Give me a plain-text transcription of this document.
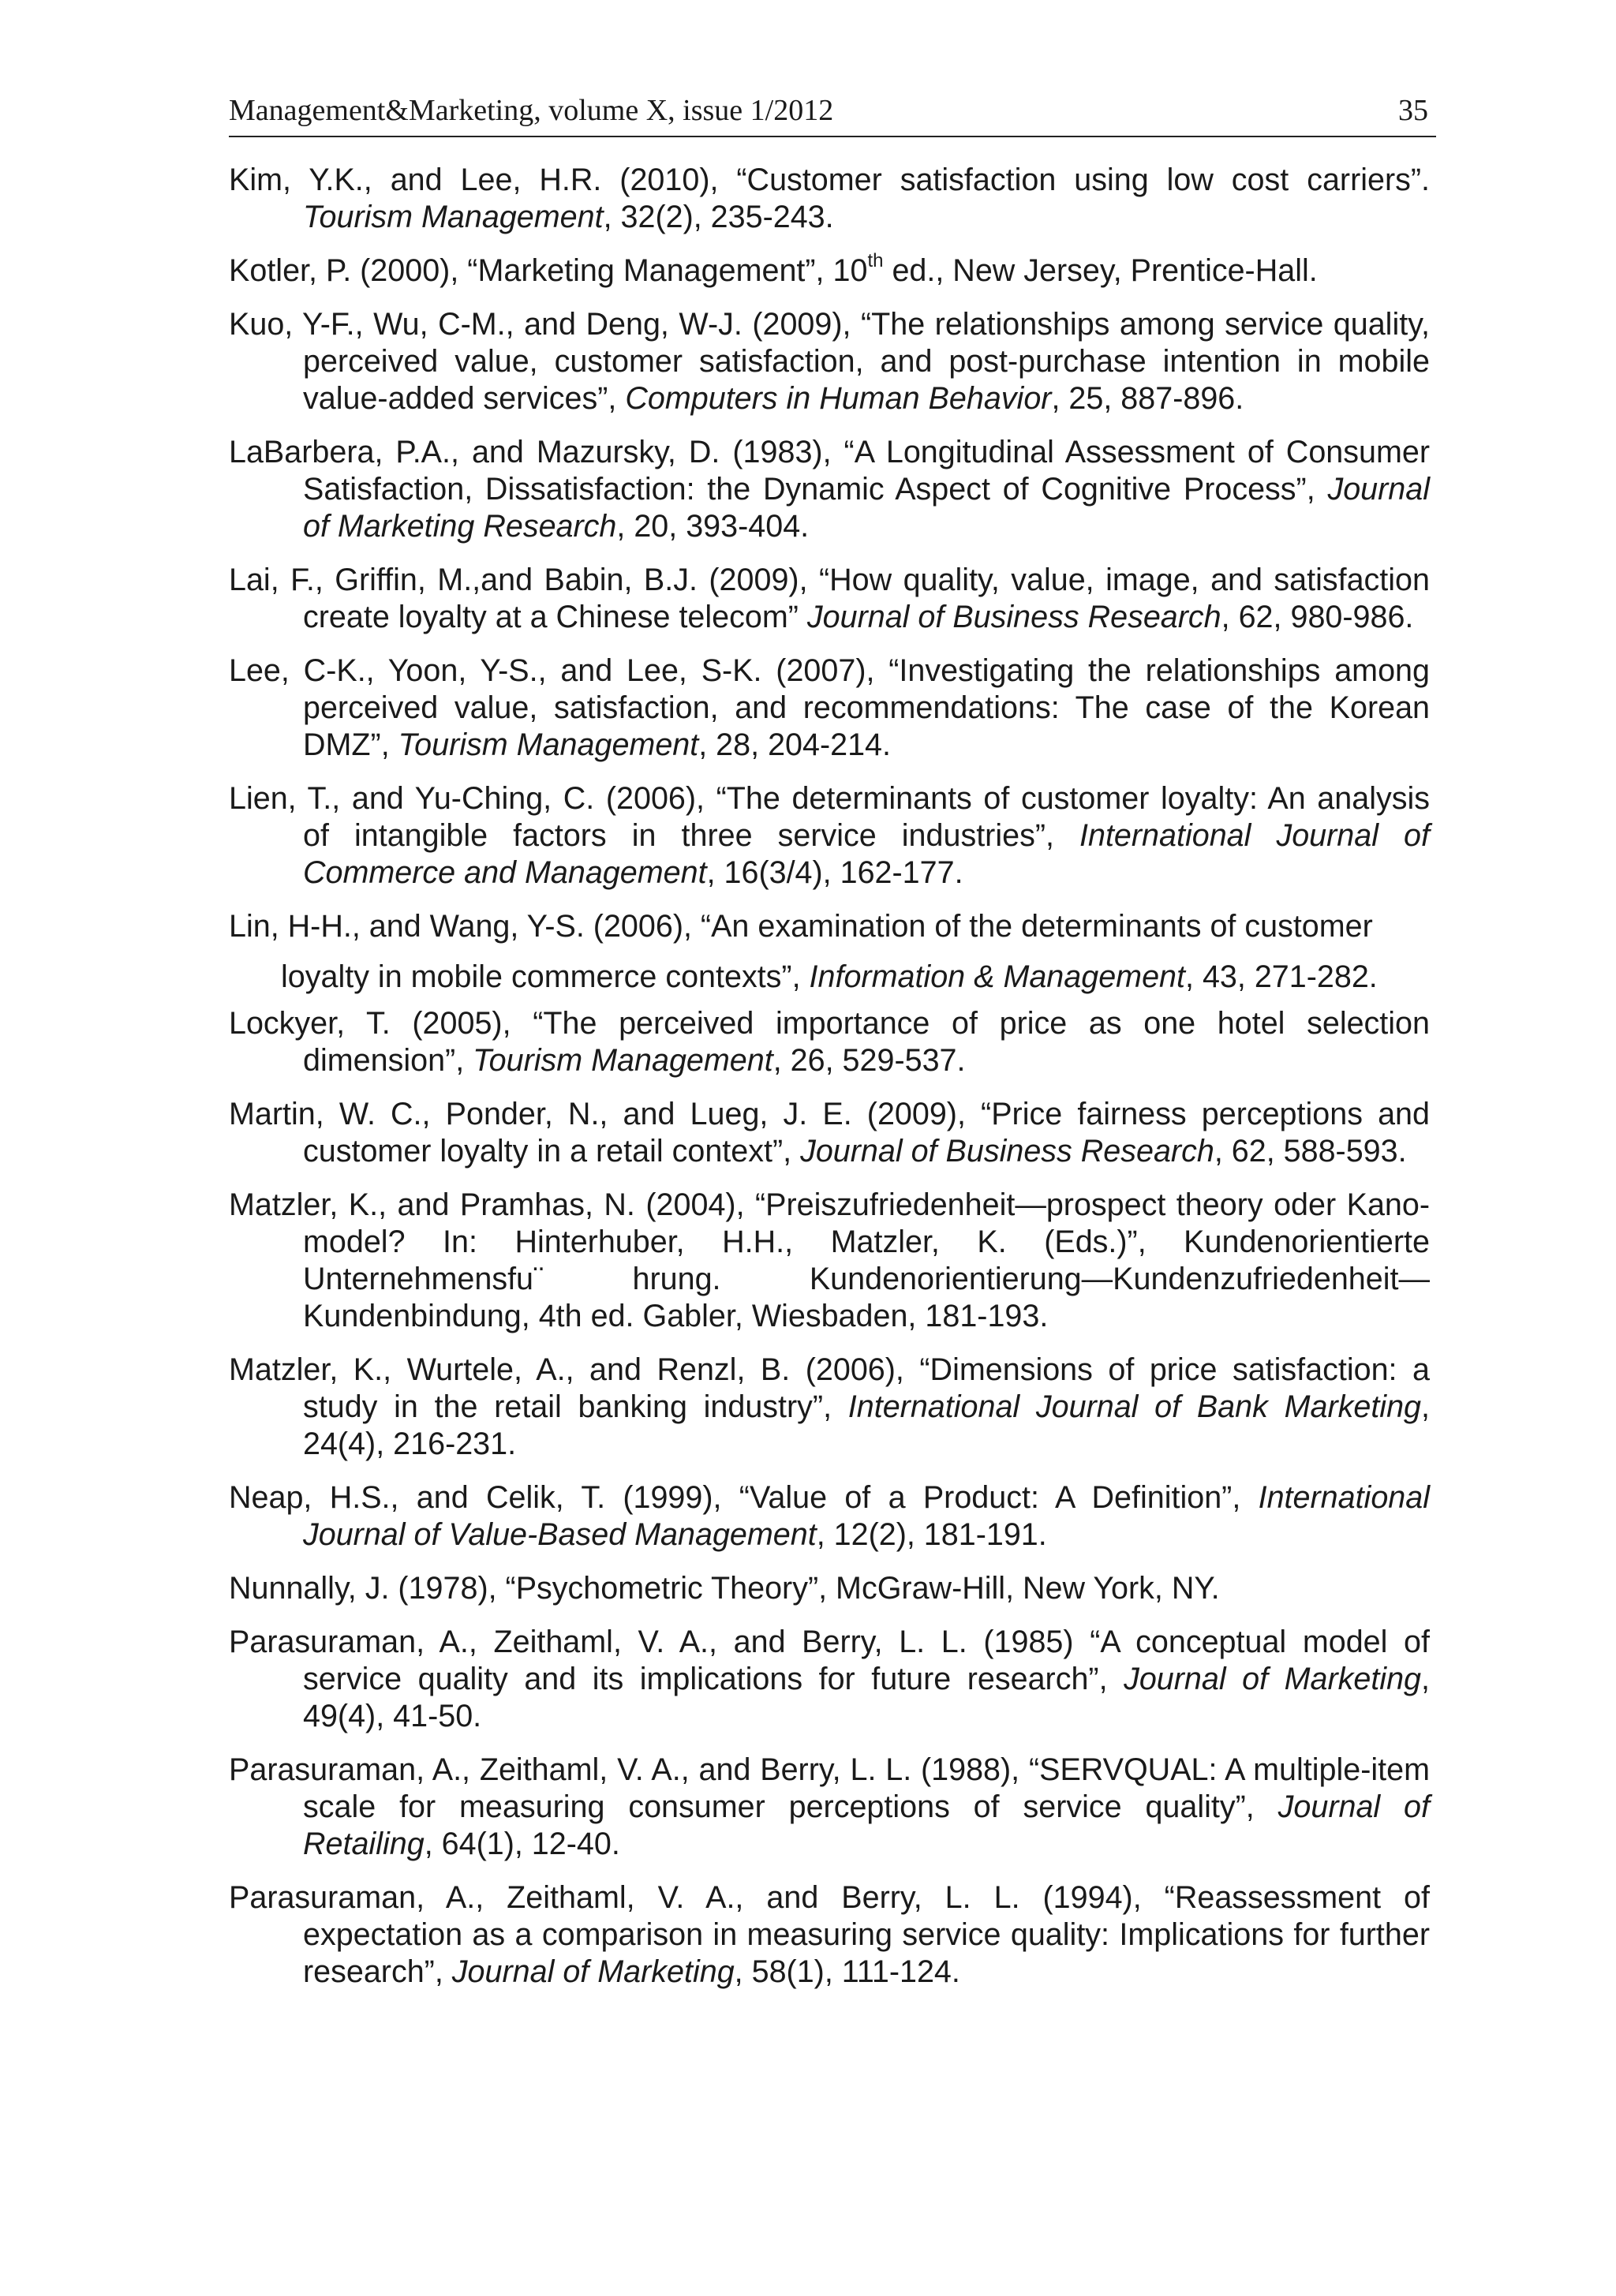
Management&Marketing, volume X, issue 1/2012	35

Kim, Y.K., and Lee, H.R. (2010), “Customer satisfaction using low cost carriers”. Tourism Management, 32(2), 235-243.

Kotler, P. (2000), “Marketing Management”, 10th ed., New Jersey, Prentice-Hall.

Kuo, Y-F., Wu, C-M., and Deng, W-J. (2009), “The relationships among service quality, perceived value, customer satisfaction, and post-purchase intention in mobile value-added services”, Computers in Human Behavior, 25, 887-896.

LaBarbera, P.A., and Mazursky, D. (1983), “A Longitudinal Assessment of Consumer Satisfaction, Dissatisfaction: the Dynamic Aspect of Cognitive Process”, Journal of Marketing Research, 20, 393-404.

Lai, F., Griffin, M.,and Babin, B.J. (2009), “How quality, value, image, and satisfaction create loyalty at a Chinese telecom” Journal of Business Research, 62, 980-986.

Lee, C-K., Yoon, Y-S., and Lee, S-K. (2007), “Investigating the relationships among perceived value, satisfaction, and recommendations: The case of the Korean DMZ”, Tourism Management, 28, 204-214.

Lien, T., and Yu-Ching, C. (2006), “The determinants of customer loyalty: An analysis of intangible factors in three service industries”, International Journal of Commerce and Management, 16(3/4), 162-177.

Lin, H-H., and Wang, Y-S. (2006), “An examination of the determinants of customer
loyalty in mobile commerce contexts”, Information & Management, 43, 271-282.

Lockyer, T. (2005), “The perceived importance of price as one hotel selection dimension”, Tourism Management, 26, 529-537.

Martin, W. C., Ponder, N., and Lueg, J. E. (2009), “Price fairness perceptions and customer loyalty in a retail context”, Journal of Business Research, 62, 588-593.

Matzler, K., and Pramhas, N. (2004), “Preiszufriedenheit—prospect theory oder Kano-model? In: Hinterhuber, H.H., Matzler, K. (Eds.)”, Kundenorientierte Unternehmensfu¨ hrung. Kundenorientierung—Kundenzufriedenheit—Kundenbindung, 4th ed. Gabler, Wiesbaden, 181-193.

Matzler, K., Wurtele, A., and Renzl, B. (2006), “Dimensions of price satisfaction: a study in the retail banking industry”, International Journal of Bank Marketing, 24(4), 216-231.

Neap, H.S., and Celik, T. (1999), “Value of a Product: A Definition”, International Journal of Value-Based Management, 12(2), 181-191.

Nunnally, J. (1978), “Psychometric Theory”, McGraw-Hill, New York, NY.

Parasuraman, A., Zeithaml, V. A., and Berry, L. L. (1985) “A conceptual model of service quality and its implications for future research”, Journal of Marketing, 49(4), 41-50.

Parasuraman, A., Zeithaml, V. A., and Berry, L. L. (1988), “SERVQUAL: A multiple-item scale for measuring consumer perceptions of service quality”, Journal of Retailing, 64(1), 12-40.

Parasuraman, A., Zeithaml, V. A., and Berry, L. L. (1994), “Reassessment of expectation as a comparison in measuring service quality: Implications for further research”, Journal of Marketing, 58(1), 111-124.
